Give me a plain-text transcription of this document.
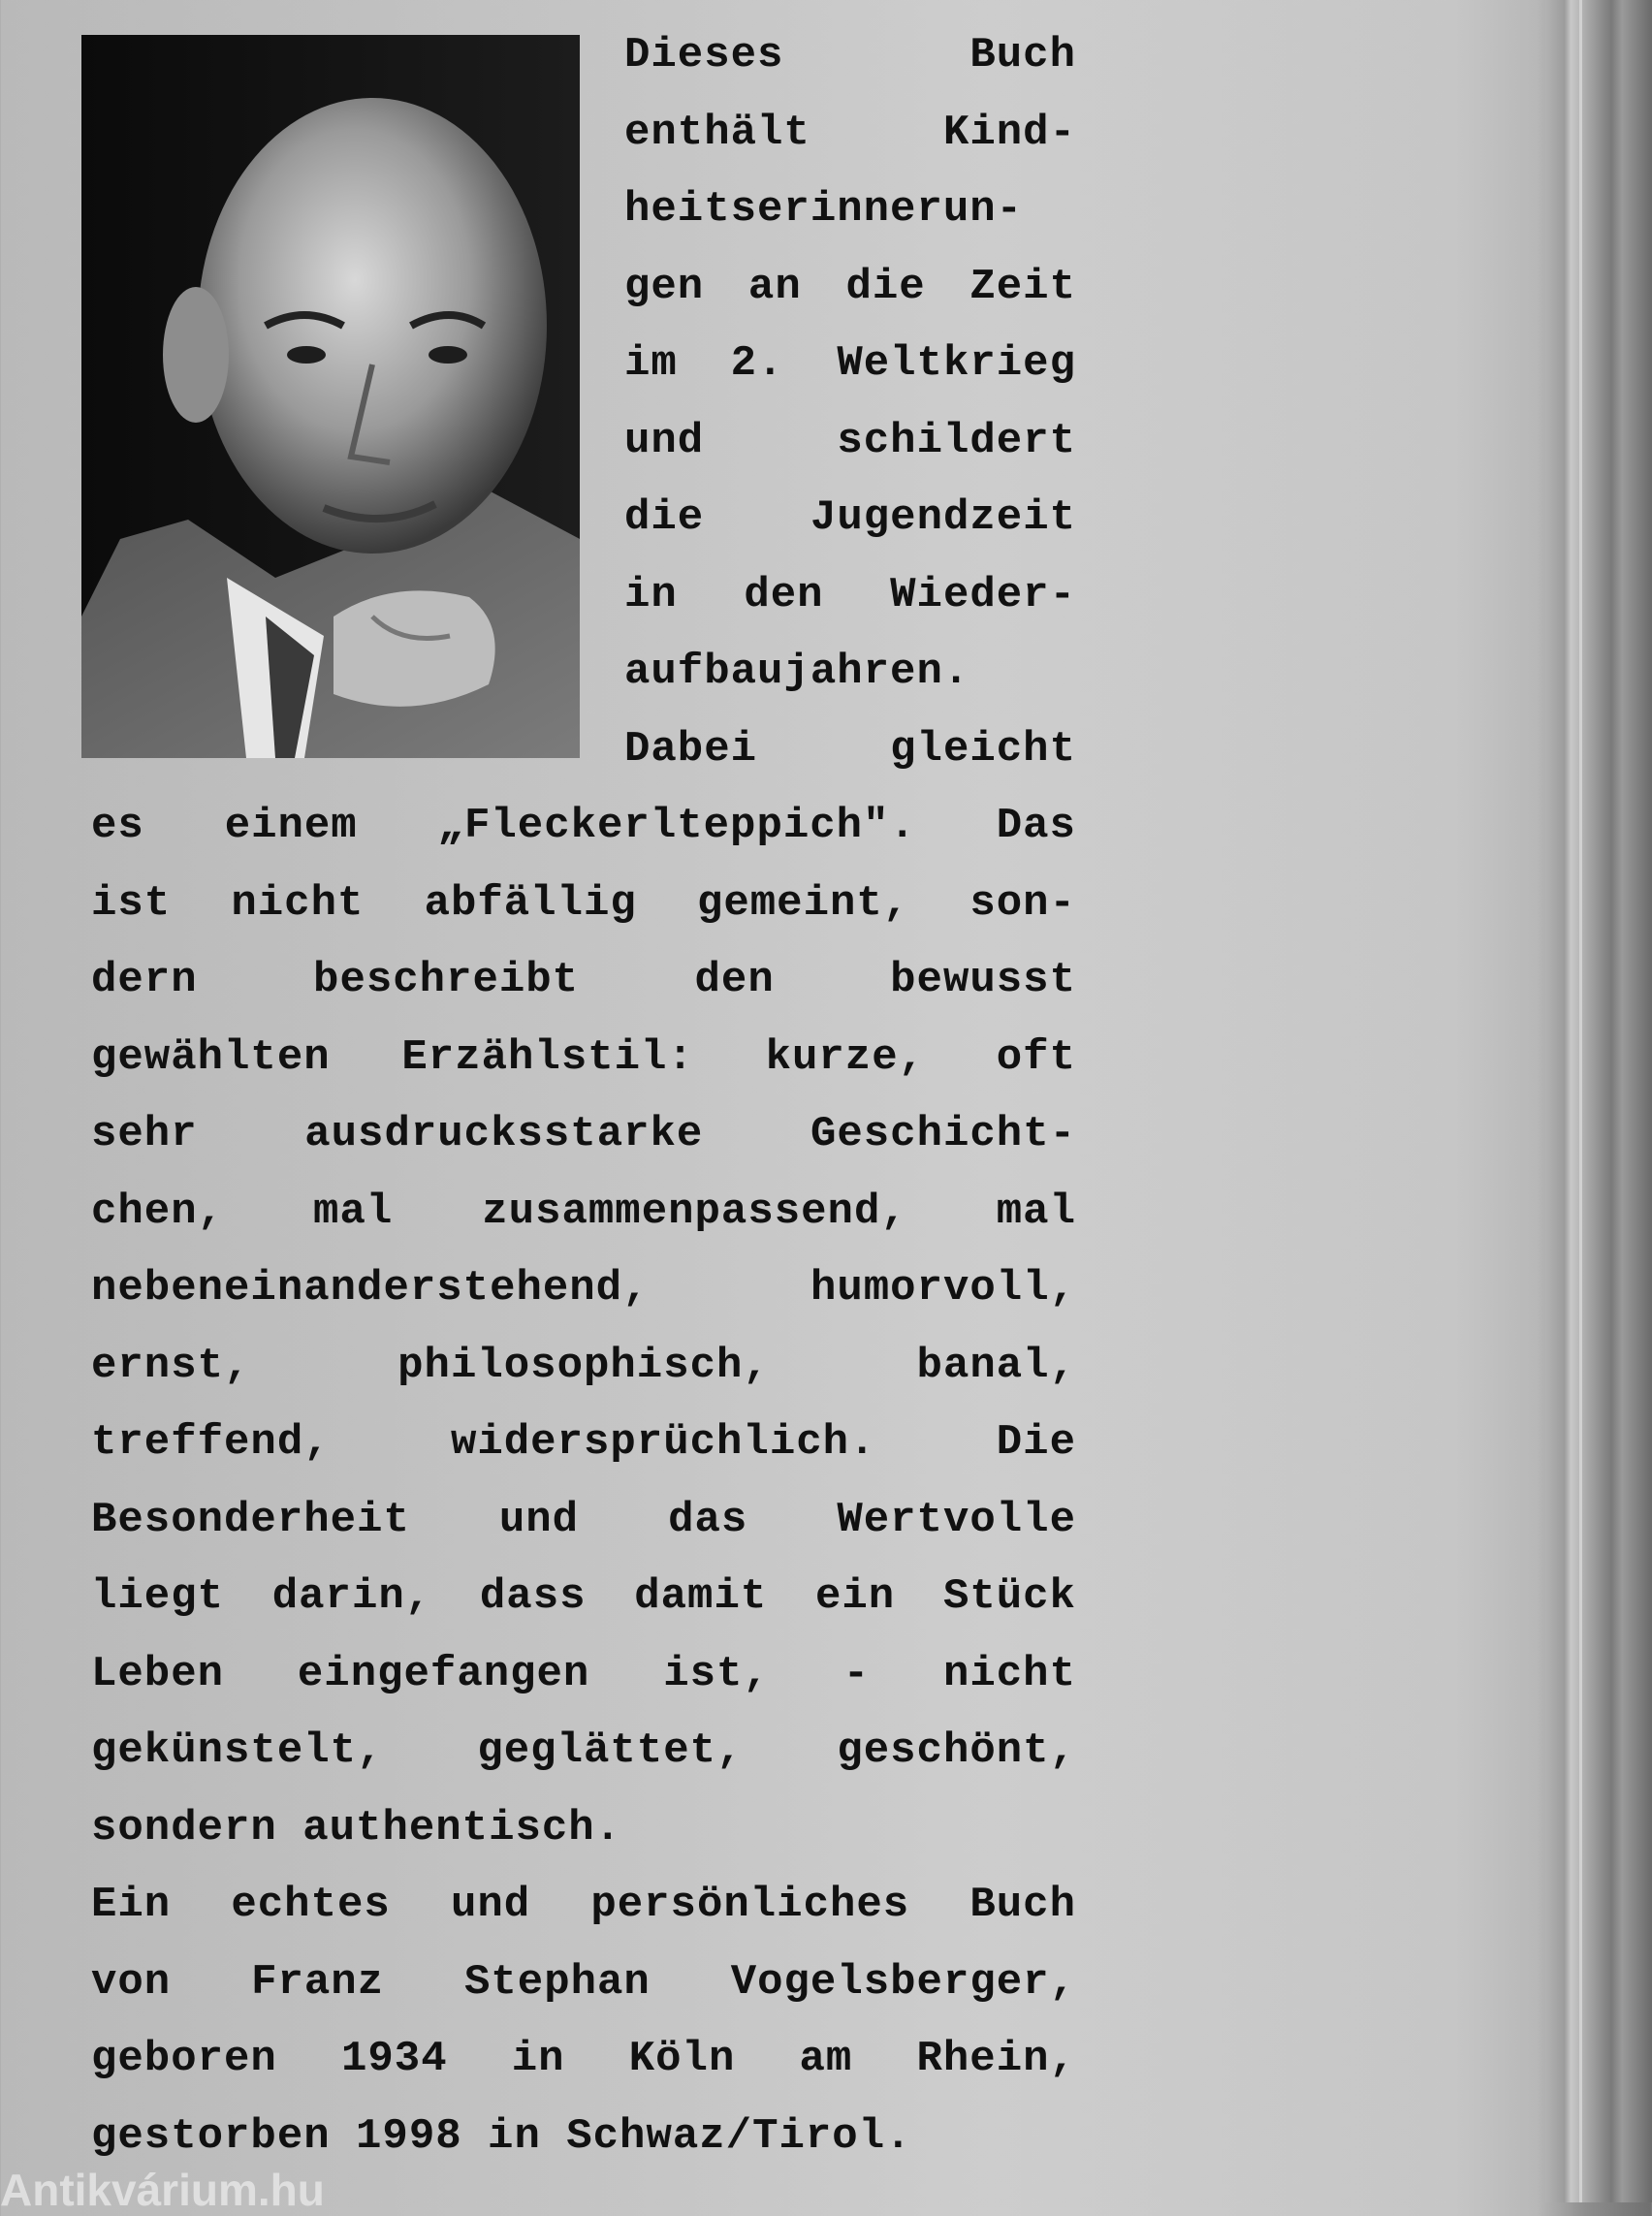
Dieses	Buch
enthält	Kind-
heitserinnerun-
gen an die Zeit
im 2. Weltkrieg
und	schildert
die Jugendzeit
in den Wieder-
aufbaujahren.
Dabei	gleicht
es einem „Fleckerlteppich". Das
ist nicht abfällig gemeint, son-
dern	beschreibt	den	bewusst
gewählten Erzählstil: kurze, oft
sehr	ausdrucksstarke	Geschicht-
chen, mal zusammenpassend, mal
nebeneinanderstehend,	humorvoll,
ernst,	philosophisch,	banal,
treffend,	widersprüchlich.	Die
Besonderheit und das Wertvolle
liegt darin, dass damit ein Stück
Leben eingefangen ist, - nicht
gekünstelt, geglättet, geschönt,
sondern authentisch.
Ein echtes und persönliches Buch
von Franz Stephan Vogelsberger,
geboren 1934 in Köln am Rhein,
gestorben 1998 in Schwaz/Tirol.
Antikvárium.hu
